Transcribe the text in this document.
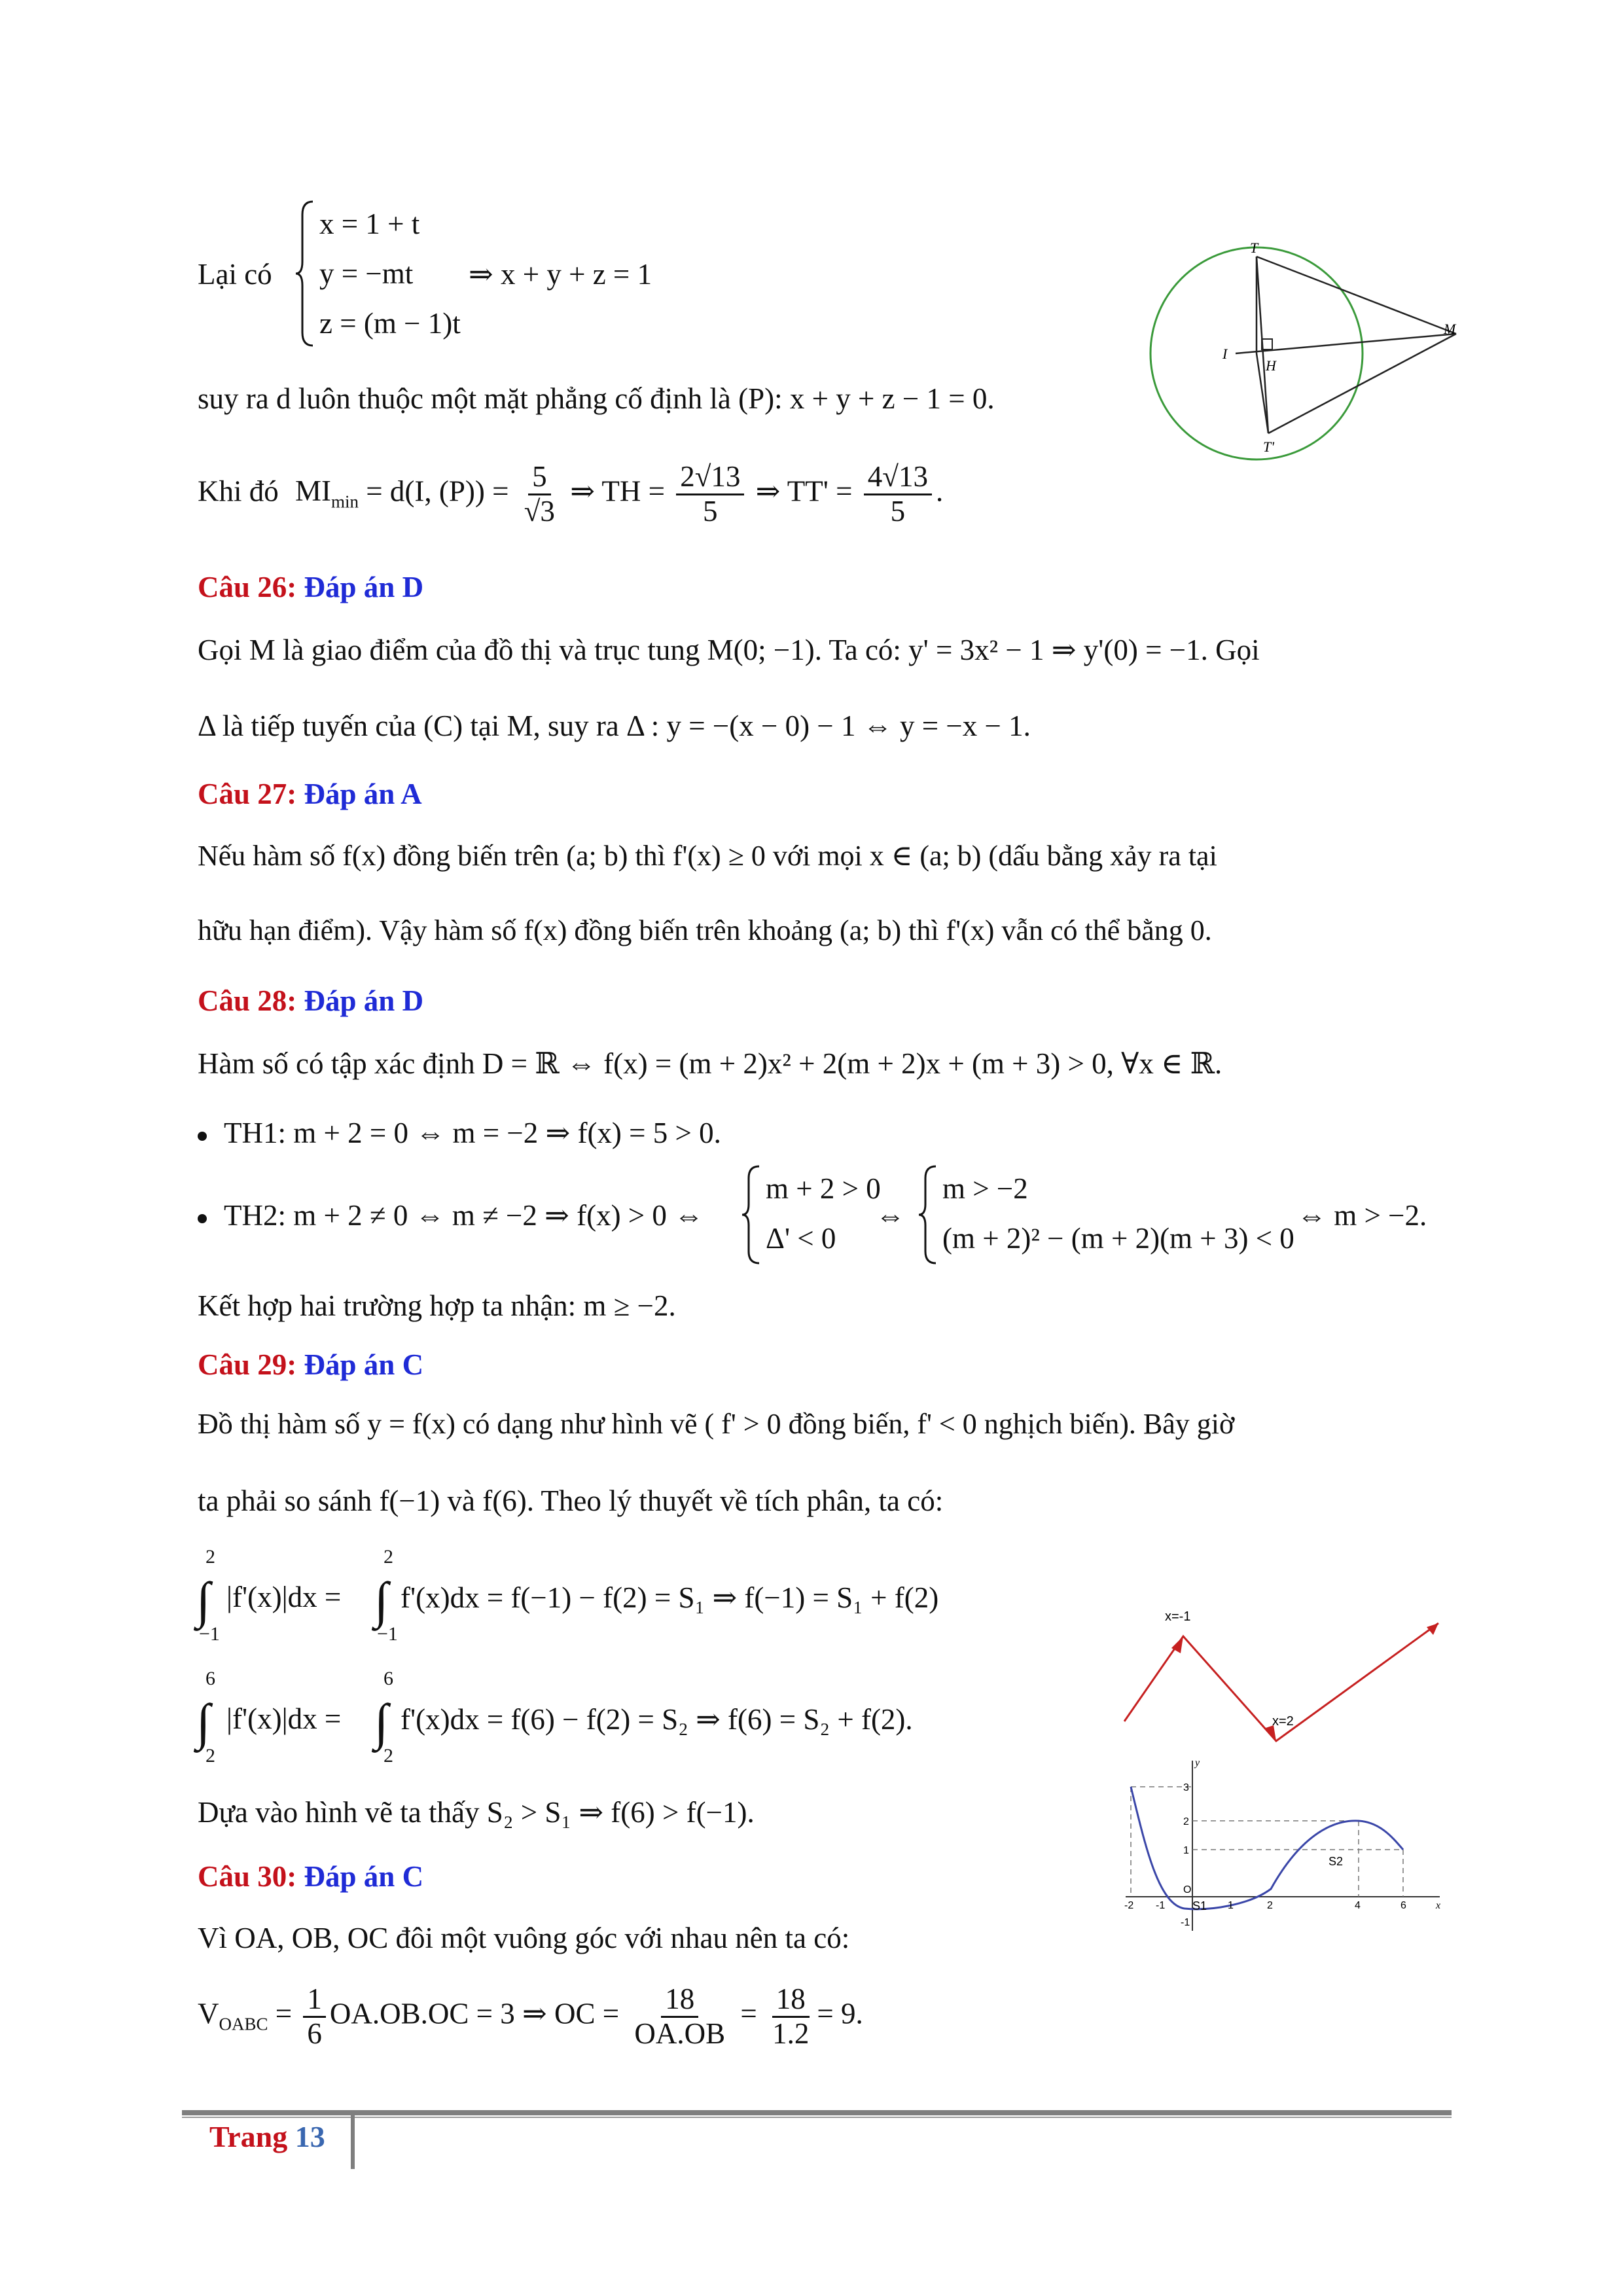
Lại có
x = 1 + t
y = −mt
z = (m − 1)t
⇒ x + y + z = 1
suy ra d luôn thuộc một mặt phẳng cố định là (P): x + y + z − 1 = 0.
Khi đó $MI_{min} = d(I$, $(P)) = \frac{5}{√3}$ ⇒ TH = $\frac{2√13}{5}$ ⇒ $TT' = \frac{4√13}{5}$ .
T
I
H
M
T'
Câu 26: Đáp án D
Gọi M là giao điểm của đồ thị và trục tung M(0; −1). Ta có: y' = 3x² − 1 ⇒ y'(0) = −1. Gọi
Δ là tiếp tuyến của (C) tại M, suy ra Δ : y = −(x − 0) − 1 ⇔ y = −x − 1.
Câu 27: Đáp án A
Nếu hàm số f(x) đồng biến trên (a; b) thì f'(x) ≥ 0 với mọi x ∈ (a; b) (dấu bằng xảy ra tại
hữu hạn điểm). Vậy hàm số f(x) đồng biến trên khoảng (a; b) thì f'(x) vẫn có thể bằng 0.
Câu 28: Đáp án D
Hàm số có tập xác định D = ℝ ⇔ f(x) = (m + 2)x² + 2(m + 2)x + (m + 3) > 0, ∀x ∈ ℝ.
TH1: m + 2 = 0 ⇔ m = −2 ⇒ f(x) = 5 > 0.
TH2: m + 2 ≠ 0 ⇔ m ≠ −2 ⇒ f(x) > 0 ⇔
m + 2 > 0
Δ' < 0
⇔
m > −2
(m + 2)² − (m + 2)(m + 3) < 0
⇔ m > −2.
Kết hợp hai trường hợp ta nhận: m ≥ −2.
Câu 29: Đáp án C
Đồ thị hàm số y = f(x) có dạng như hình vẽ ( f' > 0 đồng biến, f' < 0 nghịch biến). Bây giờ
ta phải so sánh f(−1) và f(6). Theo lý thuyết về tích phân, ta có:
2
∫
−1
|f'(x)|dx =
2
∫
−1
f'(x)dx = f(−1) − f(2) = S₁ ⇒ f(−1) = S₁ + f(2)
6
∫
2
|f'(x)|dx =
6
∫
2
f'(x)dx = f(6) − f(2) = S₂ ⇒ f(6) = S₂ + f(2).
Dựa vào hình vẽ ta thấy S₂ > S₁ ⇒ f(6) > f(−1).
x=-1
x=2
-2 -1
O
1	2	4	6	x
y
3
2
1
-1
S1
S2
Câu 30: Đáp án C
Vì OA, OB, OC đôi một vuông góc với nhau nên ta có:
$V_{OABC} = \frac{1}{6} OA.OB.OC = 3$ ⇒ OC = $\frac{18}{OA.OB} = \frac{18}{1.2} = 9$.
Trang 13
